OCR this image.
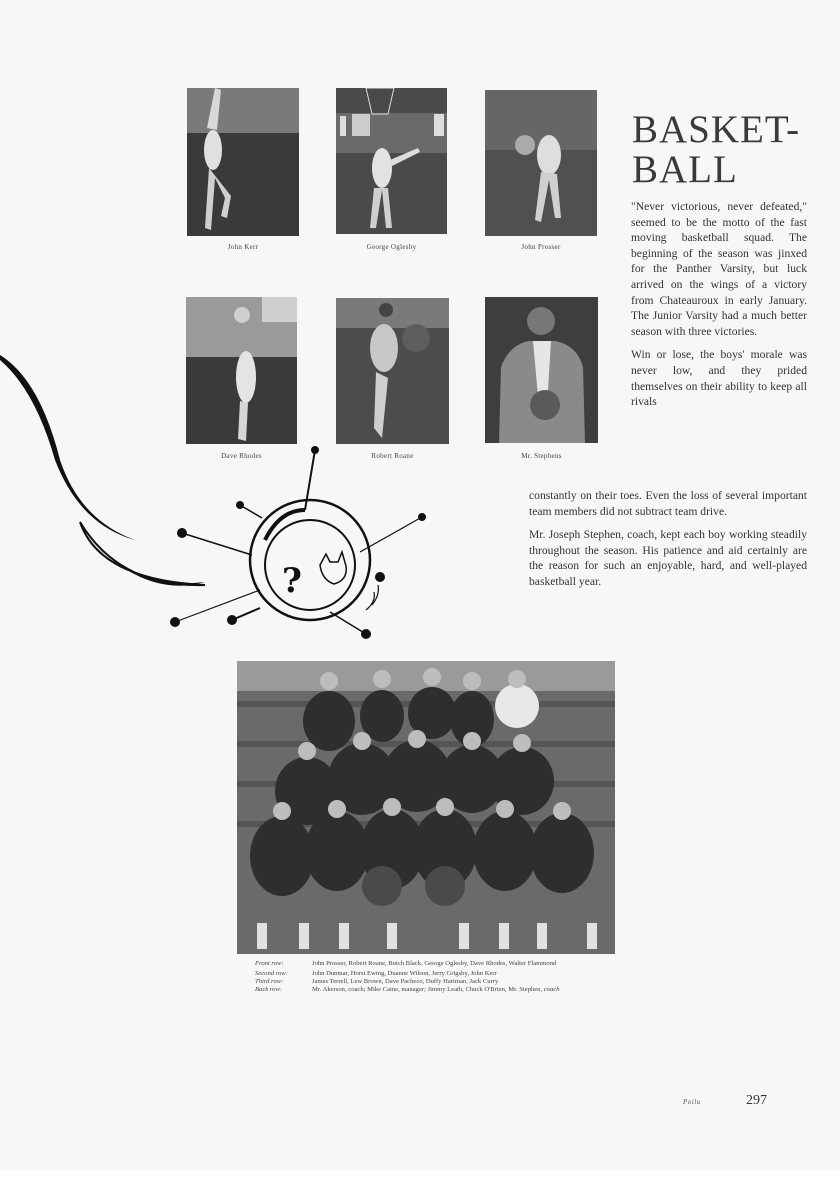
John Kerr	George Oglesby	John Prosser
Dave Rhodes	Robert Roane	Mr. Stephens
BASKET-
BALL

"Never victorious, never defeated," seemed to be the motto of the fast moving basketball squad. The beginning of the season was jinxed for the Panther Varsity, but luck arrived on the wings of a victory from Chateauroux in early January. The Junior Varsity had a much better season with three victories.

Win or lose, the boys' morale was never low, and they prided themselves on their ability to keep all rivals

constantly on their toes. Even the loss of several important team members did not subtract team drive.

Mr. Joseph Stephen, coach, kept each boy working steadily throughout the season. His patience and aid certainly are the reason for such an enjoyable, hard, and well-played basketball year.

?
Front row:	John Prosser, Robert Roane, Butch Black, George Oglesby, Dave Rhodes, Walter Flammond
Second row:	John Dunmar, Horst Ewing, Duanne Wilson, Jerry Grigsby, John Kerr
Third row:	James Terrell, Lew Brown, Dave Pacheco, Duffy Hartman, Jack Curry
Back row:	Mr. Akerson, coach; Mike Caine, manager; Jimmy Leath, Chuck O'Brien, Mr. Stephen, coach
Poilu	297
